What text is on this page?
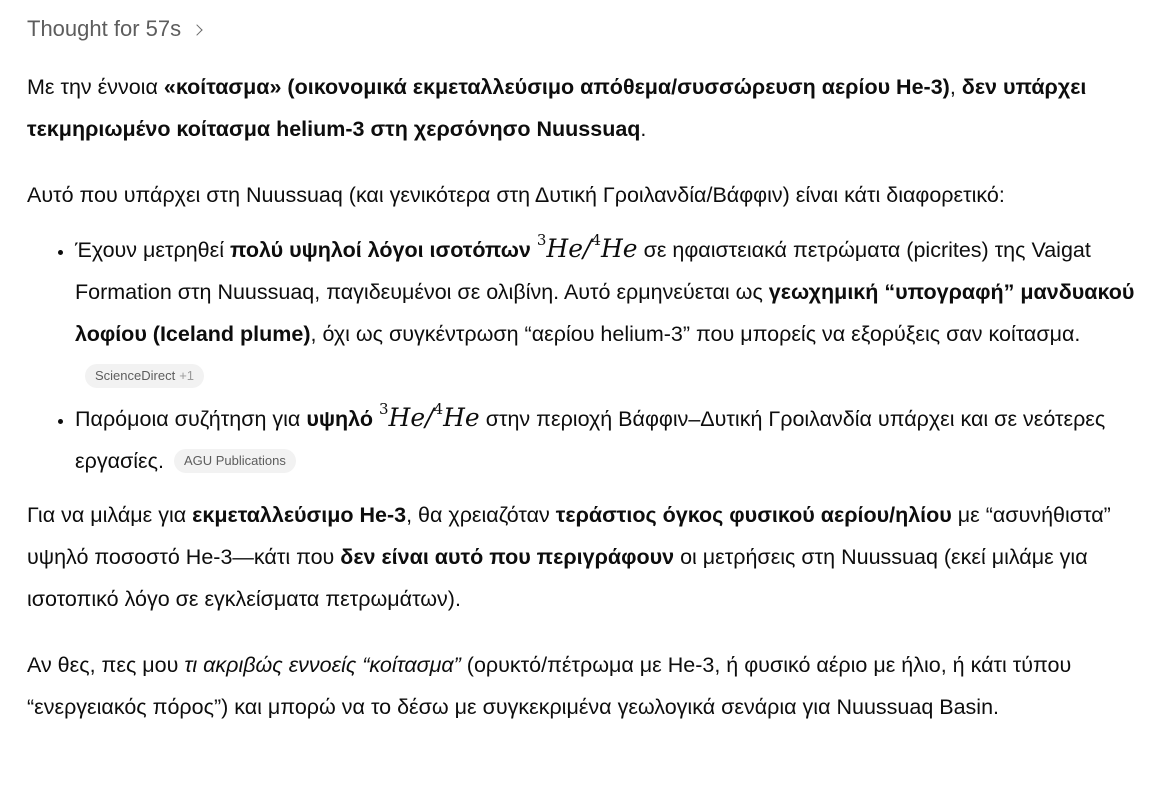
Thought for 57s

Με την έννοια «κοίτασμα» (οικονομικά εκμεταλλεύσιμο απόθεμα/συσσώρευση αερίου He-3), δεν υπάρχει τεκμηριωμένο κοίτασμα helium-3 στη χερσόνησο Nuussuaq.

Αυτό που υπάρχει στη Nuussuaq (και γενικότερα στη Δυτική Γροιλανδία/Βάφφιν) είναι κάτι διαφορετικό:

• Έχουν μετρηθεί πολύ υψηλοί λόγοι ισοτόπων $^3$He/$^4$He σε ηφαιστειακά πετρώματα (picrites) της Vaigat Formation στη Nuussuaq, παγιδευμένοι σε ολιβίνη. Αυτό ερμηνεύεται ως γεωχημική “υπογραφή” μανδυακού λοφίου (Iceland plume), όχι ως συγκέντρωση “αερίου helium-3” που μπορείς να εξορύξεις σαν κοίτασμα.ScienceDirect +1
• Παρόμοια συζήτηση για υψηλό $^3$He/$^4$He στην περιοχή Βάφφιν–Δυτική Γροιλανδία υπάρχει και σε νεότερες εργασίες. AGU Publications

Για να μιλάμε για εκμεταλλεύσιμο He-3, θα χρειαζόταν τεράστιος όγκος φυσικού αερίου/ηλίου με “ασυνήθιστα” υψηλό ποσοστό He-3—κάτι που δεν είναι αυτό που περιγράφουν οι μετρήσεις στη Nuussuaq (εκεί μιλάμε για ισοτοπικό λόγο σε εγκλείσματα πετρωμάτων).

Αν θες, πες μου τι ακριβώς εννοείς “κοίτασμα” (ορυκτό/πέτρωμα με He-3, ή φυσικό αέριο με ήλιο, ή κάτι τύπου “ενεργειακός πόρος”) και μπορώ να το δέσω με συγκεκριμένα γεωλογικά σενάρια για Nuussuaq Basin.
